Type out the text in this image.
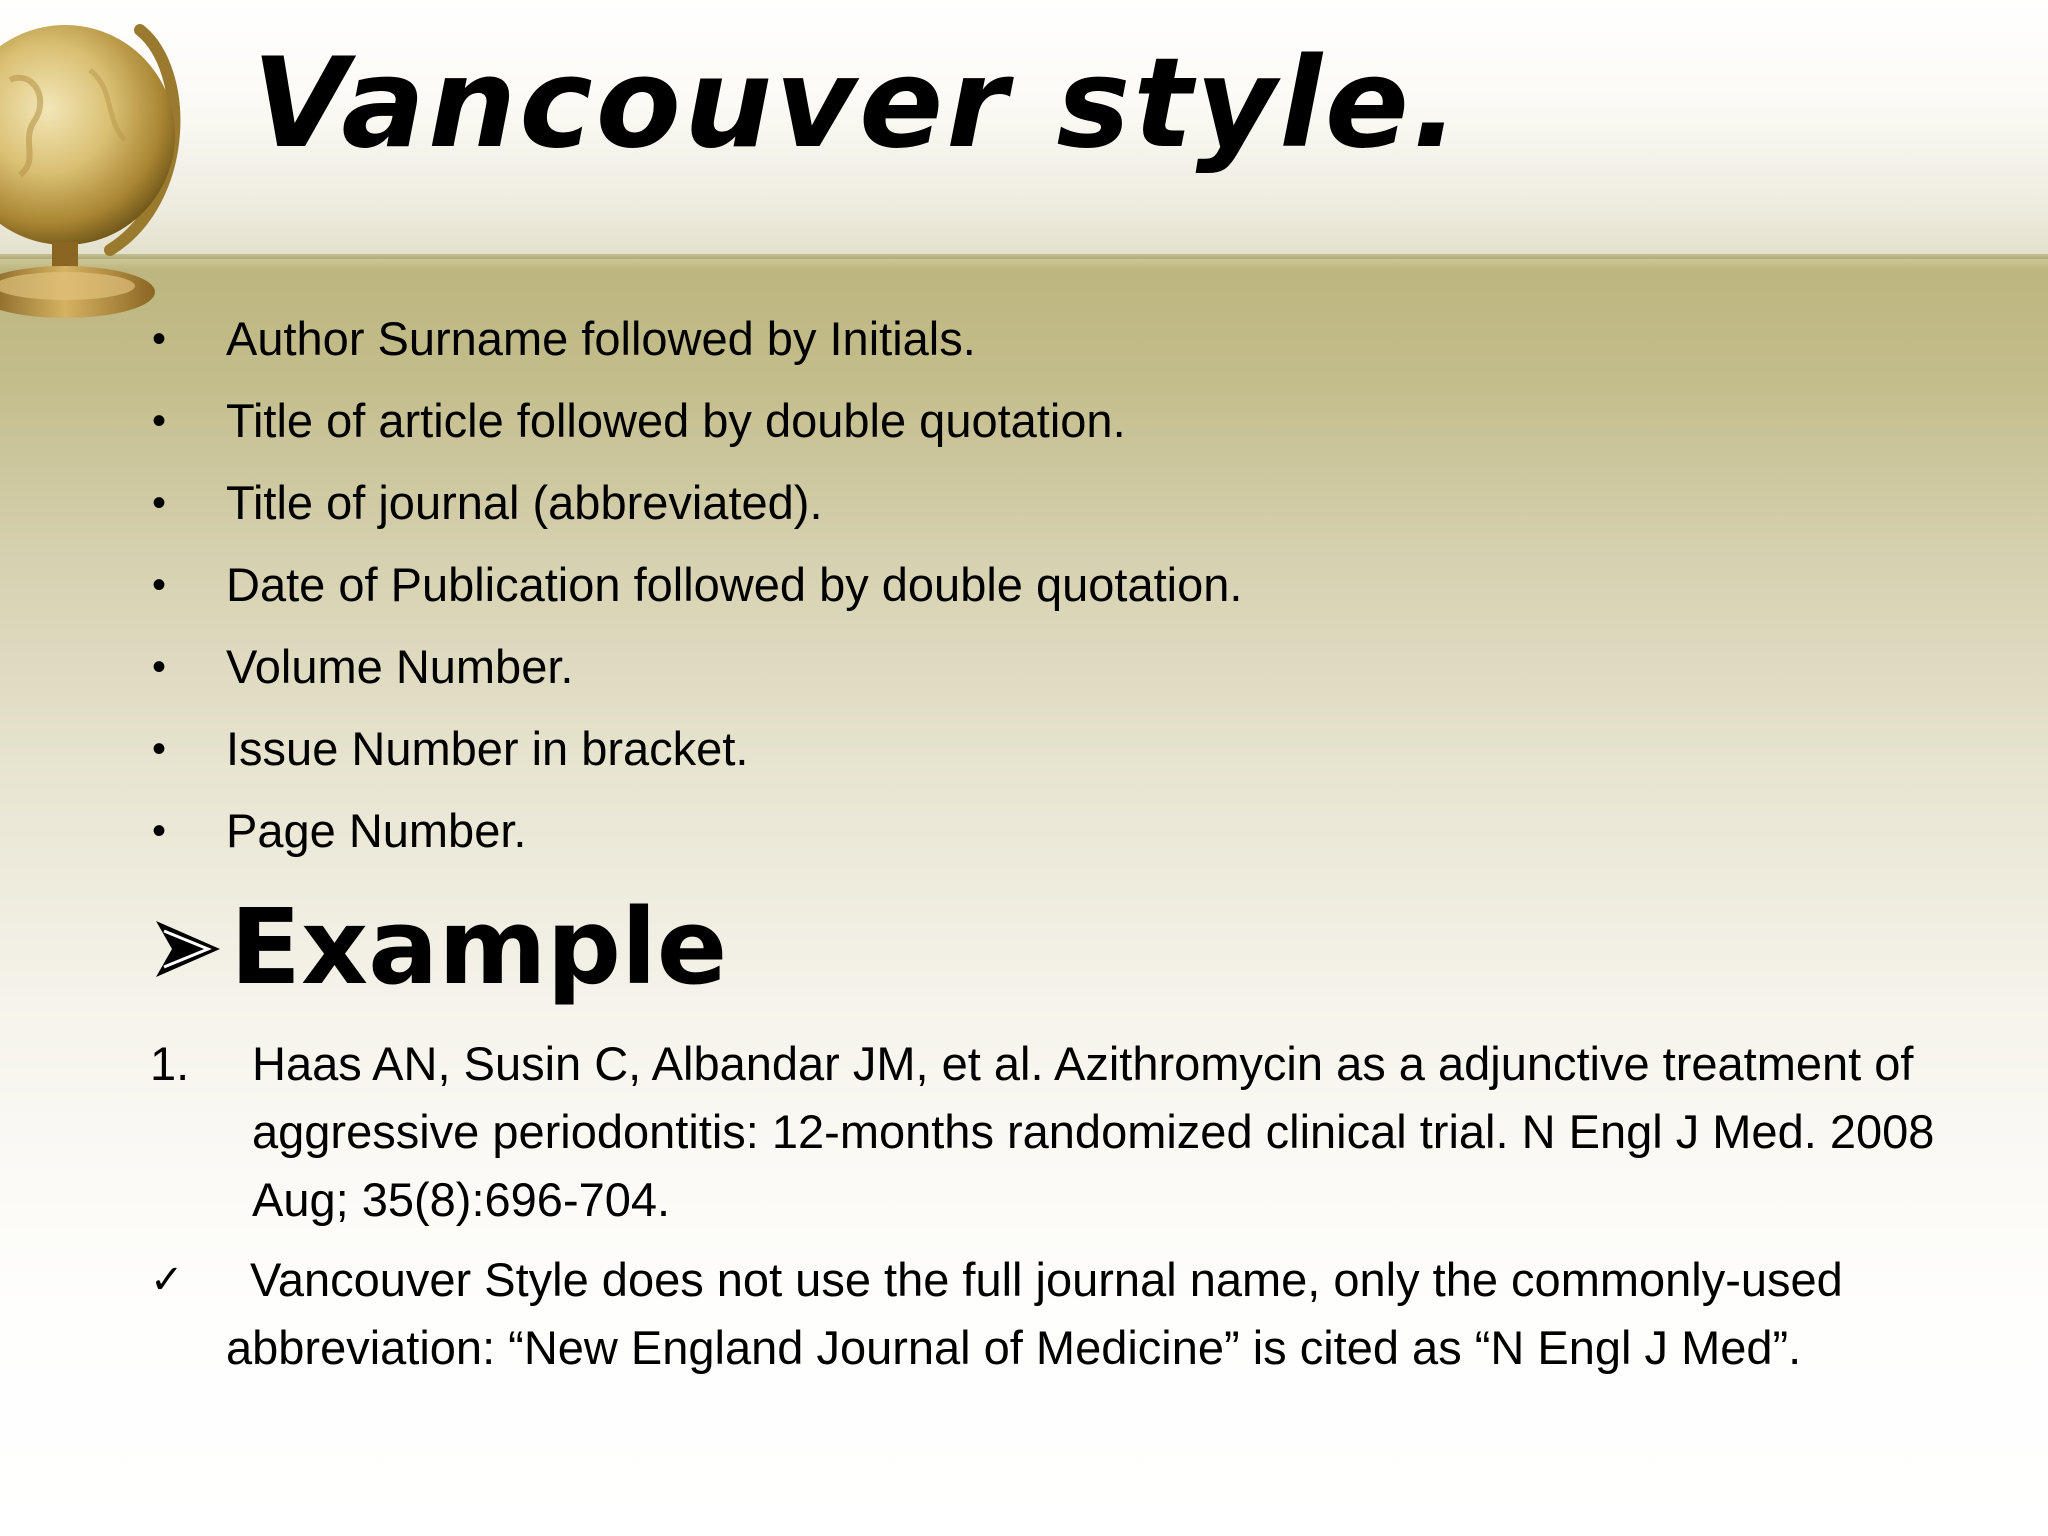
Vancouver style.
• Author Surname followed by Initials.
• Title of article followed by double quotation.
• Title of journal (abbreviated).
• Date of Publication followed by double quotation.
• Volume Number.
• Issue Number in bracket.
• Page Number.
Example
1. Haas AN, Susin C, Albandar JM, et al. Azithromycin as a adjunctive treatment of aggressive periodontitis: 12-months randomized clinical trial. N Engl J Med. 2008 Aug; 35(8):696-704.
✓	Vancouver Style does not use the full journal name, only the commonly-used abbreviation: “New England Journal of Medicine” is cited as “N Engl J Med”.
